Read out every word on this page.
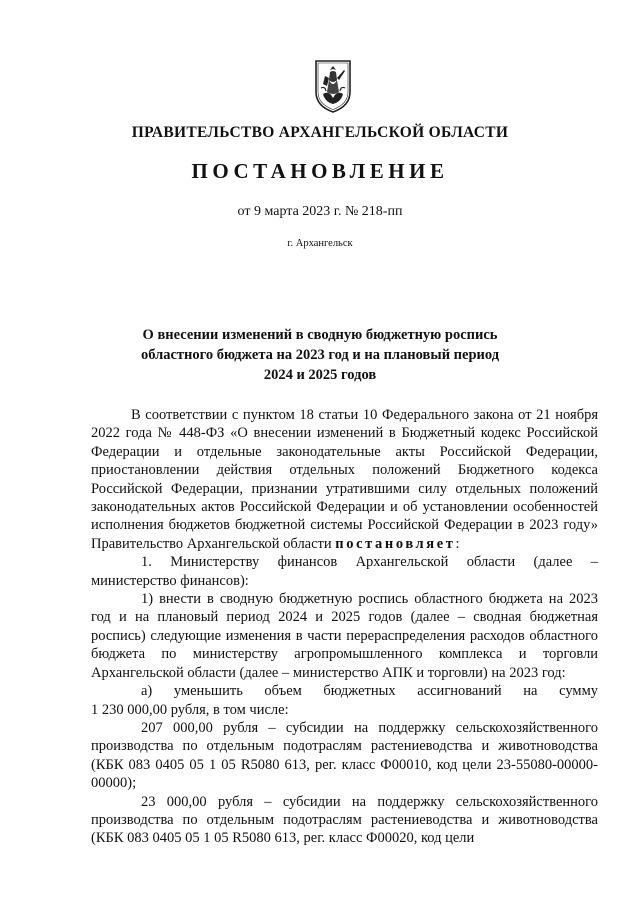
ПРАВИТЕЛЬСТВО АРХАНГЕЛЬСКОЙ ОБЛАСТИ
ПОСТАНОВЛЕНИЕ
от 9 марта 2023 г. № 218-пп
г. Архангельск
О внесении изменений в сводную бюджетную роспись
областного бюджета на 2023 год и на плановый период
2024 и 2025 годов

В соответствии с пунктом 18 статьи 10 Федерального закона от 21 ноября 2022 года № 448-ФЗ «О внесении изменений в Бюджетный кодекс Российской Федерации и отдельные законодательные акты Российской Федерации, приостановлении действия отдельных положений Бюджетного кодекса Российской Федерации, признании утратившими силу отдельных положений законодательных актов Российской Федерации и об установлении особенностей исполнения бюджетов бюджетной системы Российской Федерации в 2023 году» Правительство Архангельской области постановляет:

1. Министерству финансов Архангельской области (далее – министерство финансов):

1) внести в сводную бюджетную роспись областного бюджета на 2023 год и на плановый период 2024 и 2025 годов (далее – сводная бюджетная роспись) следующие изменения в части перераспределения расходов областного бюджета по министерству агропромышленного комплекса и торговли Архангельской области (далее – министерство АПК и торговли) на 2023 год:

а) уменьшить объем бюджетных ассигнований на сумму

1 230 000,00 рубля, в том числе:

207 000,00 рубля – субсидии на поддержку сельскохозяйственного производства по отдельным подотраслям растениеводства и животноводства (КБК 083 0405 05 1 05 R5080 613, рег. класс Ф00010, код цели 23-55080-00000-00000);

23 000,00 рубля – субсидии на поддержку сельскохозяйственного производства по отдельным подотраслям растениеводства и животноводства (КБК 083 0405 05 1 05 R5080 613, рег. класс Ф00020, код цели
